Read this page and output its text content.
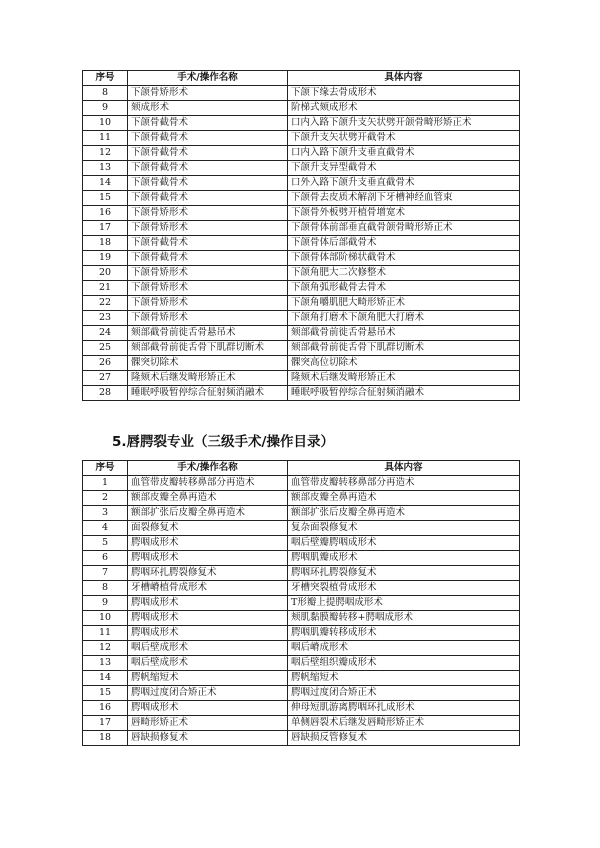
序号	手术/操作名称	具体内容
8	下颌骨矫形术	下颌下缘去骨成形术
9	颏成形术	阶梯式颏成形术
10	下颌骨截骨术	口内入路下颌升支矢状劈开颌骨畸形矫正术
11	下颌骨截骨术	下颌升支矢状劈开截骨术
12	下颌骨截骨术	口内入路下颌升支垂直截骨术
13	下颌骨截骨术	下颌升支异型截骨术
14	下颌骨截骨术	口外入路下颌升支垂直截骨术
15	下颌骨截骨术	下颌骨去皮质术解剖下牙槽神经血管束
16	下颌骨矫形术	下颌骨外板劈开植骨增宽术
17	下颌骨矫形术	下颌骨体前部垂直截骨颌骨畸形矫正术
18	下颌骨截骨术	下颌骨体后部截骨术
19	下颌骨截骨术	下颌骨体部阶梯状截骨术
20	下颌骨矫形术	下颌角肥大二次修整术
21	下颌骨矫形术	下颌角弧形截骨去骨术
22	下颌骨矫形术	下颌角嚼肌肥大畸形矫正术
23	下颌骨矫形术	下颌角打磨术下颌角肥大打磨术
24	颏部截骨前徙舌骨悬吊术	颏部截骨前徙舌骨悬吊术
25	颏部截骨前徙舌骨下肌群切断术	颏部截骨前徙舌骨下肌群切断术
26	髁突切除术	髁突高位切除术
27	隆颏术后继发畸形矫正术	隆颏术后继发畸形矫正术
28	睡眠呼吸暂停综合征射频消融术	睡眠呼吸暂停综合征射频消融术
5.唇腭裂专业（三级手术/操作目录）
序号	手术/操作名称	具体内容
1	血管带皮瓣转移鼻部分再造术	血管带皮瓣转移鼻部分再造术
2	额部皮瓣全鼻再造术	额部皮瓣全鼻再造术
3	额部扩张后皮瓣全鼻再造术	额部扩张后皮瓣全鼻再造术
4	面裂修复术	复杂面裂修复术
5	腭咽成形术	咽后壁瓣腭咽成形术
6	腭咽成形术	腭咽肌瓣成形术
7	腭咽环扎腭裂修复术	腭咽环扎腭裂修复术
8	牙槽嵴植骨成形术	牙槽突裂植骨成形术
9	腭咽成形术	T形瓣上提腭咽成形术
10	腭咽成形术	颊肌黏膜瓣转移+腭咽成形术
11	腭咽成形术	腭咽肌瓣转移成形术
12	咽后壁成形术	咽后嵴成形术
13	咽后壁成形术	咽后壁组织瓣成形术
14	腭帆缩短术	腭帆缩短术
15	腭咽过度闭合矫正术	腭咽过度闭合矫正术
16	腭咽成形术	伸母短肌游离腭咽环扎成形术
17	唇畸形矫正术	单侧唇裂术后继发唇畸形矫正术
18	唇缺损修复术	唇缺损反管修复术
